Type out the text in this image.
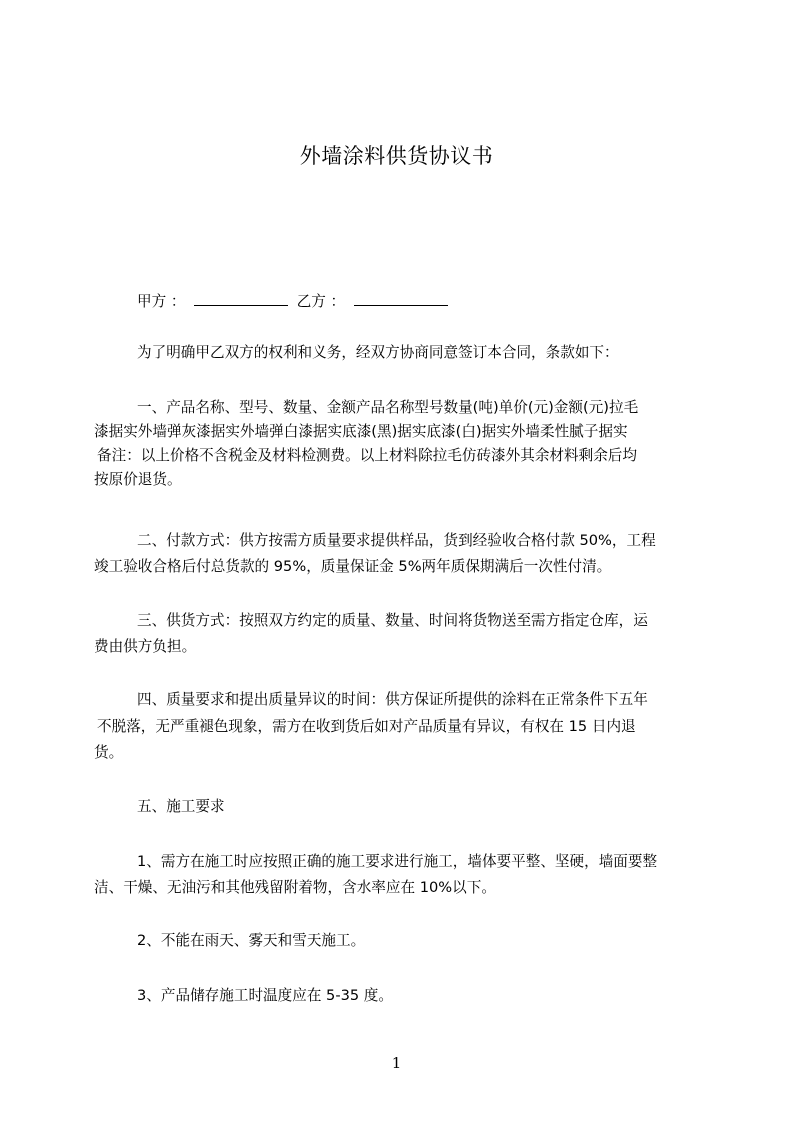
外墙涂料供货协议书
甲方 ：	乙方 ：
为了明确甲乙双方的权利和义务，经双方协商同意签订本合同，条款如下：
一、产品名称、型号、数量、金额产品名称型号数量(吨)单价(元)金额(元)拉毛
漆据实外墙弹灰漆据实外墙弹白漆据实底漆(黑)据实底漆(白)据实外墙柔性腻子据实
备注：以上价格不含税金及材料检测费。以上材料除拉毛仿砖漆外其余材料剩余后均
按原价退货。
二、付款方式：供方按需方质量要求提供样品，货到经验收合格付款 50%，工程
竣工验收合格后付总货款的 95%，质量保证金 5%两年质保期满后一次性付清。
三、供货方式：按照双方约定的质量、数量、时间将货物送至需方指定仓库，运
费由供方负担。
四、质量要求和提出质量异议的时间：供方保证所提供的涂料在正常条件下五年
不脱落，无严重褪色现象，需方在收到货后如对产品质量有异议，有权在 15 日内退
货。
五、施工要求
1、需方在施工时应按照正确的施工要求进行施工，墙体要平整、坚硬，墙面要整
洁、干燥、无油污和其他残留附着物，含水率应在 10%以下。
2、不能在雨天、雾天和雪天施工。
3、产品储存施工时温度应在 5-35 度。
1
